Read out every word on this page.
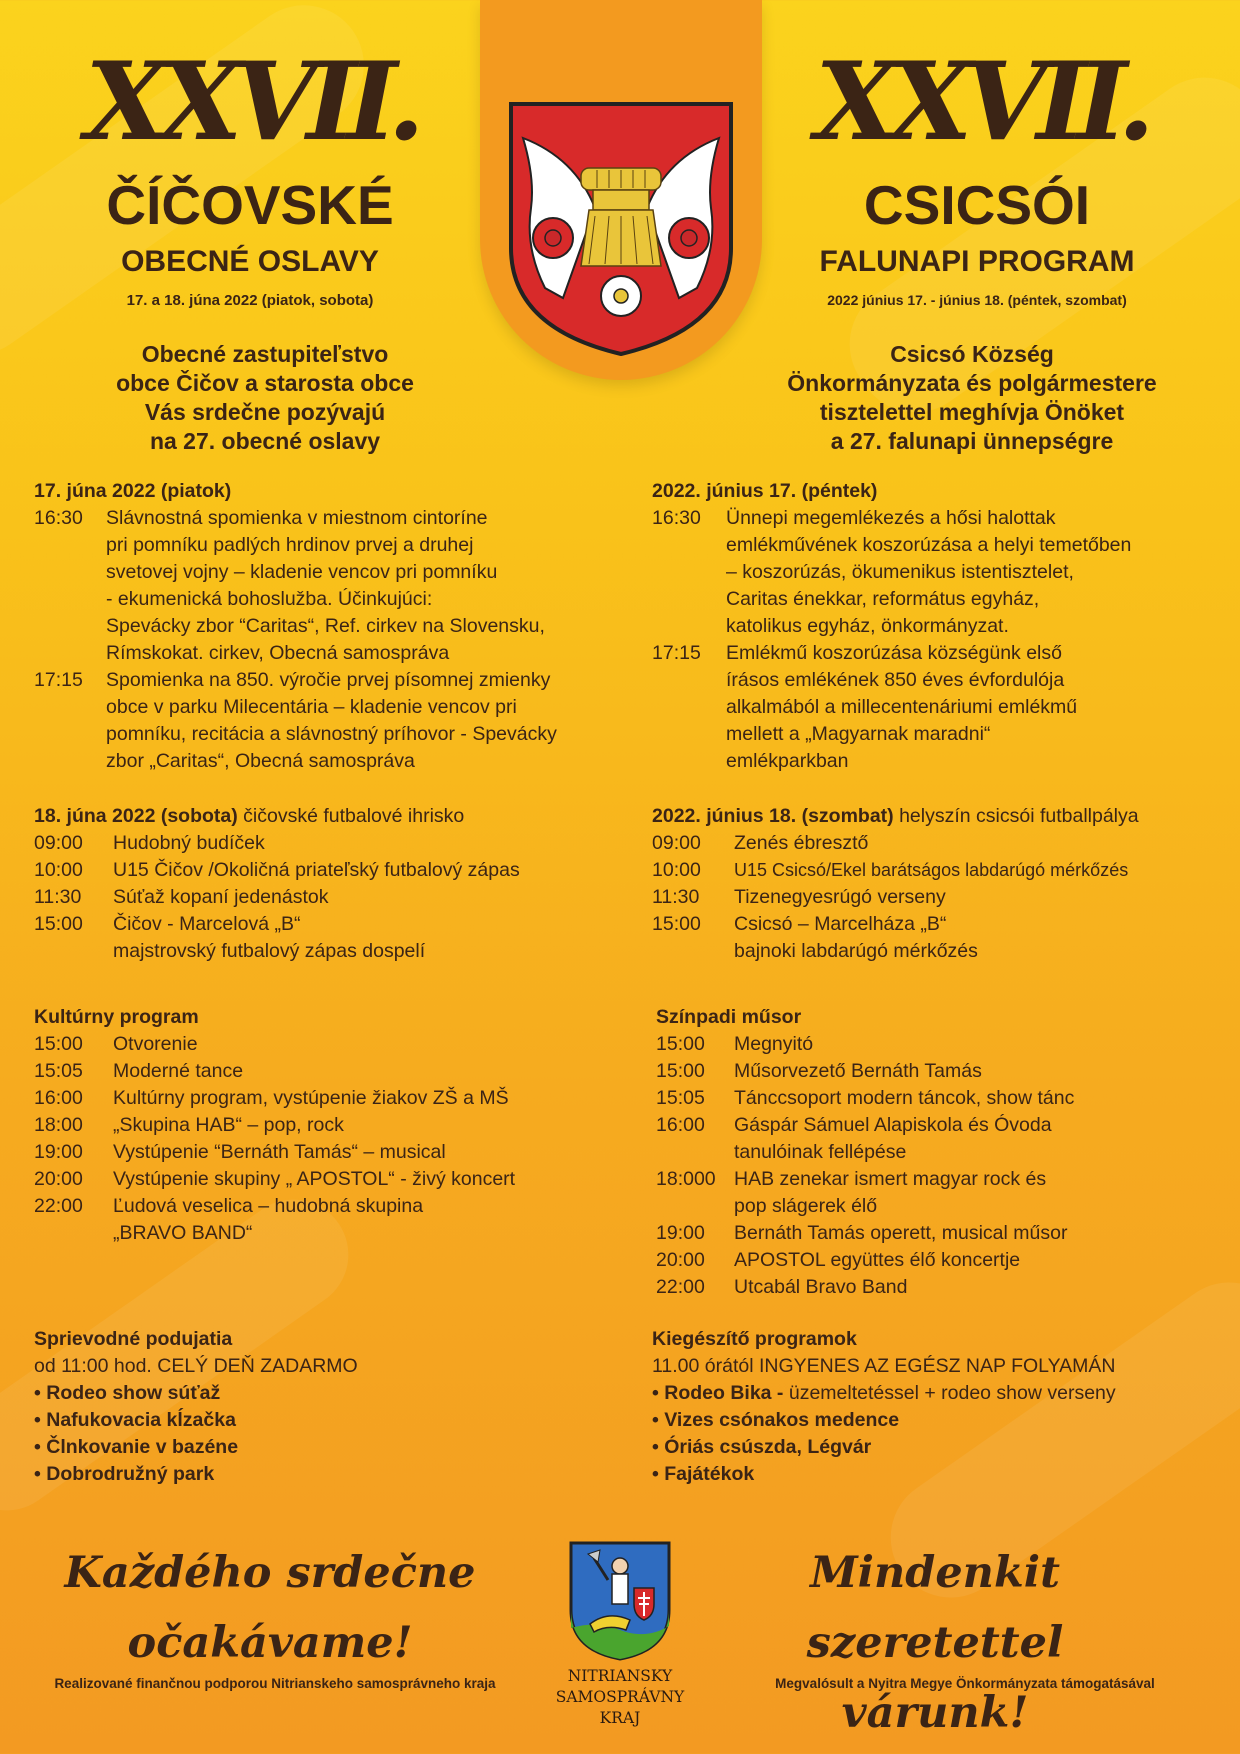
XXVII.
ČÍČOVSKÉ
OBECNÉ OSLAVY
17. a 18. júna 2022 (piatok, sobota)
Obecné zastupiteľstvo
obce Čičov a starosta obce
Vás srdečne pozývajú
na 27. obecné oslavy
XXVII.
CSICSÓI
FALUNAPI PROGRAM
2022 június 17. - június 18. (péntek, szombat)
Csicsó Község
Önkormányzata és polgármestere
tisztelettel meghívja Önöket
a 27. falunapi ünnepségre
17. júna 2022 (piatok)
16:30	Slávnostná spomienka v miestnom cintoríne
pri pomníku padlých hrdinov prvej a druhej
svetovej vojny – kladenie vencov pri pomníku
- ekumenická bohoslužba. Účinkujúci:
Spevácky zbor “Caritas“, Ref. cirkev na Slovensku,
Rímskokat. cirkev, Obecná samospráva
17:15	Spomienka na 850. výročie prvej písomnej zmienky
obce v parku Milecentária – kladenie vencov pri
pomníku, recitácia a slávnostný príhovor - Spevácky
zbor „Caritas“, Obecná samospráva
2022. június 17. (péntek)
16:30	Ünnepi megemlékezés a hősi halottak
emlékművének koszorúzása a helyi temetőben
– koszorúzás, ökumenikus istentisztelet,
Caritas énekkar, református egyház,
katolikus egyház, önkormányzat.
17:15	Emlékmű koszorúzása községünk első
írásos emlékének 850 éves évfordulója
alkalmából a millecentenáriumi emlékmű
mellett a „Magyarnak maradni“
emlékparkban
18. júna 2022 (sobota) čičovské futbalové ihrisko
09:00	Hudobný budíček
10:00	U15 Čičov /Okoličná priateľský futbalový zápas
11:30	Súťaž kopaní jedenástok
15:00	Čičov - Marcelová „B“
majstrovský futbalový zápas dospelí
2022. június 18. (szombat) helyszín csicsói futballpálya
09:00	Zenés ébresztő
10:00	U15 Csicsó/Ekel barátságos labdarúgó mérkőzés
11:30	Tizenegyesrúgó verseny
15:00	Csicsó – Marcelháza „B“
bajnoki labdarúgó mérkőzés
Kultúrny program
15:00	Otvorenie
15:05	Moderné tance
16:00	Kultúrny program, vystúpenie žiakov ZŠ a MŠ
18:00	„Skupina HAB“ – pop, rock
19:00	Vystúpenie “Bernáth Tamás“ – musical
20:00	Vystúpenie skupiny „ APOSTOL“ - živý koncert
22:00	Ľudová veselica – hudobná skupina
„BRAVO BAND“
Színpadi műsor
15:00	Megnyitó
15:00	Műsorvezető Bernáth Tamás
15:05	Tánccsoport modern táncok, show tánc
16:00	Gáspár Sámuel Alapiskola és Óvoda
tanulóinak fellépése
18:000 HAB zenekar ismert magyar rock és
pop slágerek élő
19:00	Bernáth Tamás operett, musical műsor
20:00	APOSTOL együttes élő koncertje
22:00	Utcabál Bravo Band
Sprievodné podujatia
od 11:00 hod. CELÝ DEŇ ZADARMO
• Rodeo show súťaž
• Nafukovacia kĺzačka
• Člnkovanie v bazéne
• Dobrodružný park
Kiegészítő programok
11.00 órától INGYENES AZ EGÉSZ NAP FOLYAMÁN
• Rodeo Bika - üzemeltetéssel + rodeo show verseny
• Vizes csónakos medence
• Óriás csúszda, Légvár
• Fajátékok
Každého srdečne
očakávame!
Mindenkit szeretettel
várunk!
Realizované finančnou podporou Nitrianskeho samosprávneho kraja	Megvalósult a Nyitra Megye Önkormányzata támogatásával
NITRIANSKY
SAMOSPRÁVNY
KRAJ
